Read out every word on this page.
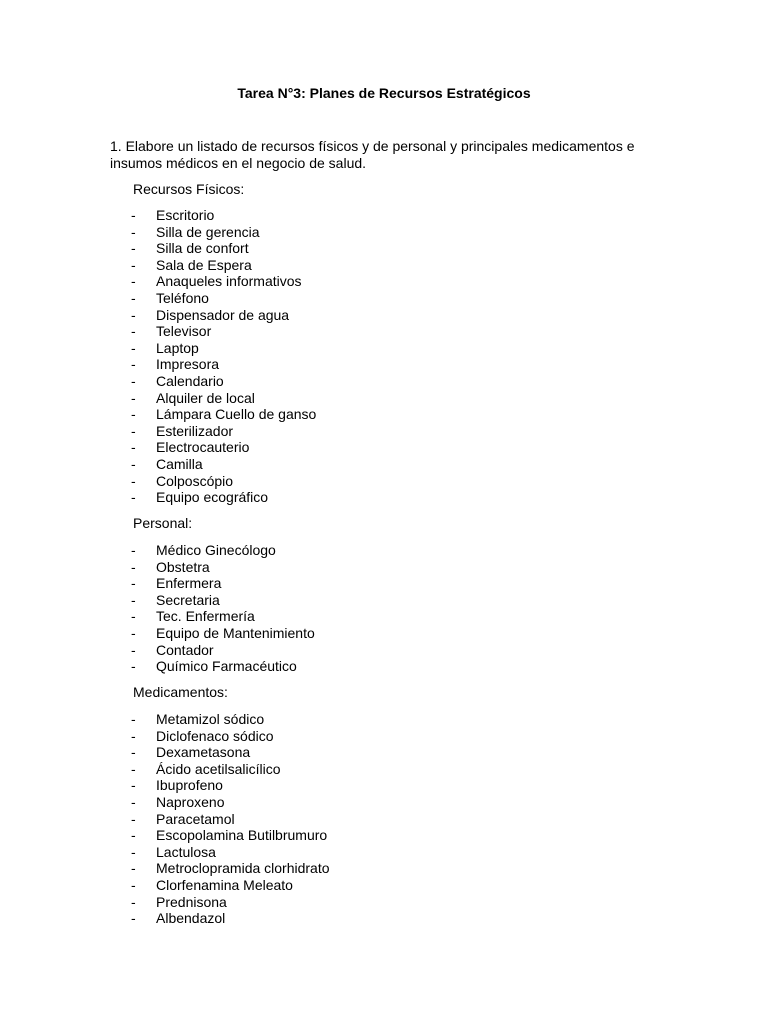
Tarea N°3: Planes de Recursos Estratégicos
1. Elabore un listado de recursos físicos y de personal y principales medicamentos e insumos médicos en el negocio de salud.
Recursos Físicos:
- Escritorio
- Silla de gerencia
- Silla de confort
- Sala de Espera
- Anaqueles informativos
- Teléfono
- Dispensador de agua
- Televisor
- Laptop
- Impresora
- Calendario
- Alquiler de local
- Lámpara Cuello de ganso
- Esterilizador
- Electrocauterio
- Camilla
- Colposcópio
- Equipo ecográfico
Personal:
- Médico Ginecólogo
- Obstetra
- Enfermera
- Secretaria
- Tec. Enfermería
- Equipo de Mantenimiento
- Contador
- Químico Farmacéutico
Medicamentos:
- Metamizol sódico
- Diclofenaco sódico
- Dexametasona
- Ácido acetilsalicílico
- Ibuprofeno
- Naproxeno
- Paracetamol
- Escopolamina Butilbrumuro
- Lactulosa
- Metroclopramida clorhidrato
- Clorfenamina Meleato
- Prednisona
- Albendazol
